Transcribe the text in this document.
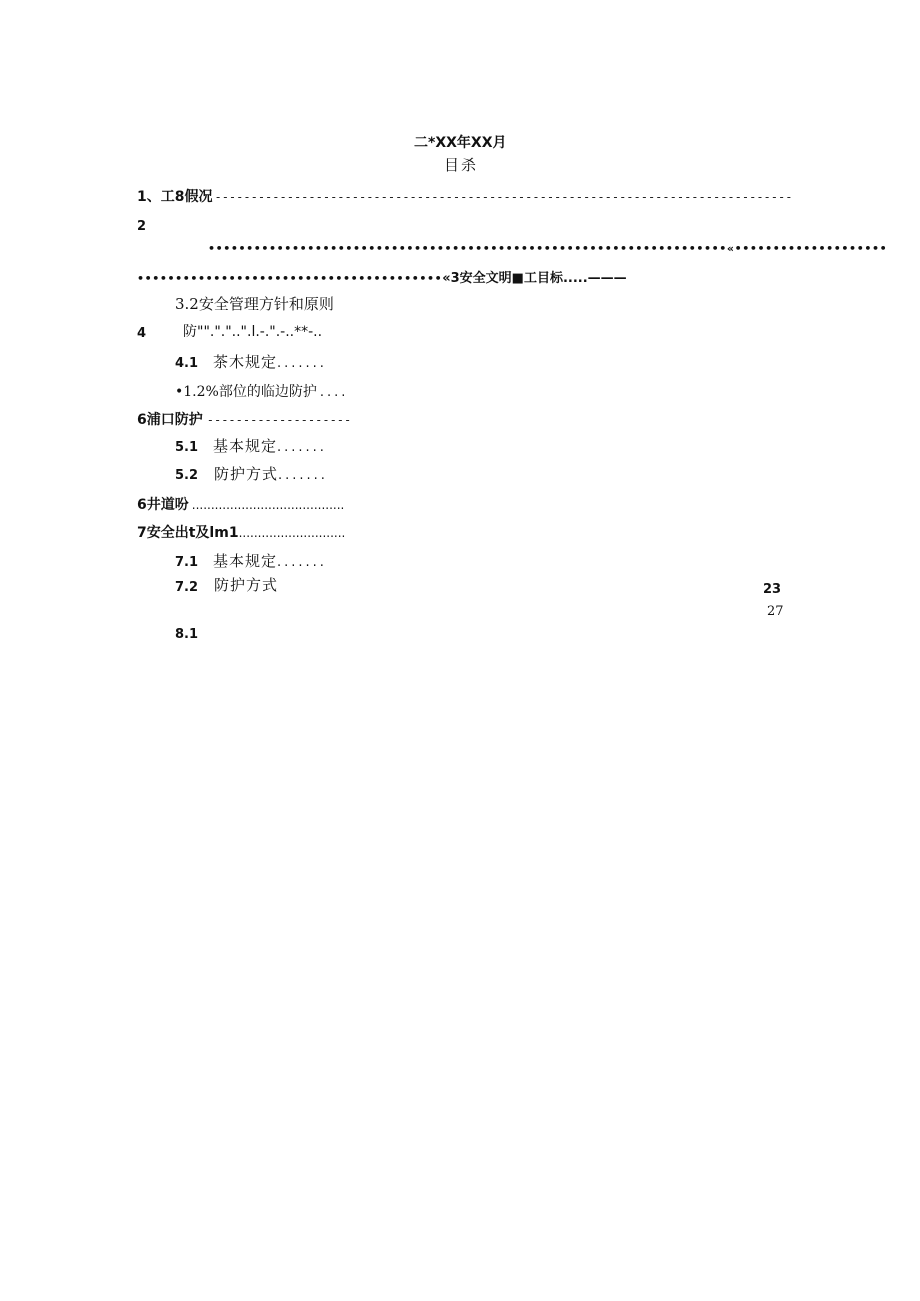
二*XX年XX月
目杀
1、工8假况 --------------------------------------------------------------------------------
2
••••••••••••••••••••••••••••••••••••••••••••••••••••••••••••••••••••«••••••••••••••••••••
••••••••••••••••••••••••••••••••••••••••«3安全文明■工目标.....———
3.2安全管理方针和原则
4	防""."."..".l.-.".-..**-..
4.1 茶木规定.......
•1.2%部位的临边防护 ....
6浦口防护 --------------------
5.1 基本规定.......
5.2 防护方式.......
6井道吩 ........................................
7安全出t及lm1............................
7.1 基本规定.......
7.2 防护方式	23
27
8.1
